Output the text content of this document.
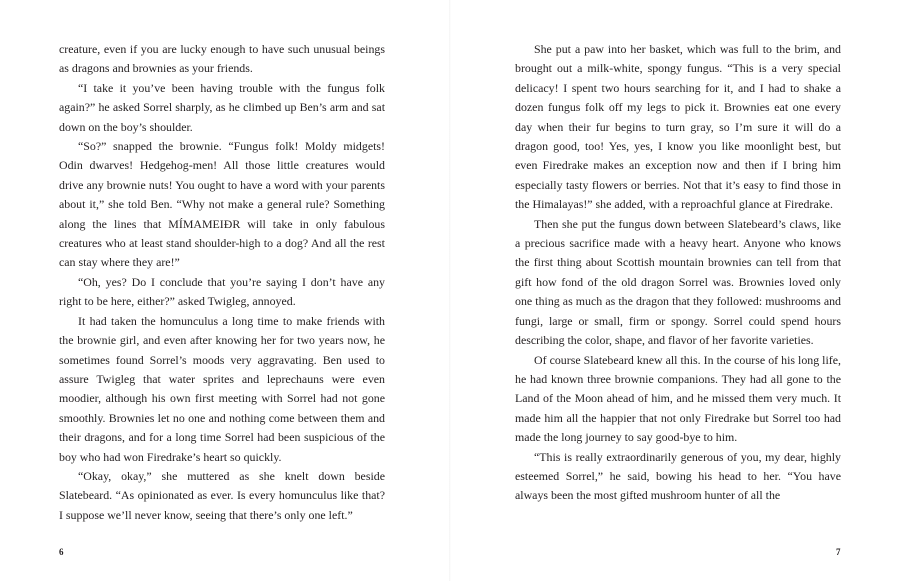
creature, even if you are lucky enough to have such unusual beings as dragons and brownies as your friends.

“I take it you’ve been having trouble with the fungus folk again?” he asked Sorrel sharply, as he climbed up Ben’s arm and sat down on the boy’s shoulder.

“So?” snapped the brownie. “Fungus folk! Moldy midgets! Odin dwarves! Hedgehog-men! All those little creatures would drive any brownie nuts! You ought to have a word with your parents about it,” she told Ben. “Why not make a general rule? Something along the lines that MÍMAMEIÐR will take in only fabulous creatures who at least stand shoulder-high to a dog? And all the rest can stay where they are!”

“Oh, yes? Do I conclude that you’re saying I don’t have any right to be here, either?” asked Twigleg, annoyed.

It had taken the homunculus a long time to make friends with the brownie girl, and even after knowing her for two years now, he sometimes found Sorrel’s moods very aggravating. Ben used to assure Twigleg that water sprites and leprechauns were even moodier, although his own first meeting with Sorrel had not gone smoothly. Brownies let no one and nothing come between them and their dragons, and for a long time Sorrel had been suspicious of the boy who had won Firedrake’s heart so quickly.

“Okay, okay,” she muttered as she knelt down beside Slatebeard. “As opinionated as ever. Is every homunculus like that? I suppose we’ll never know, seeing that there’s only one left.”

6

She put a paw into her basket, which was full to the brim, and brought out a milk-white, spongy fungus. “This is a very special delicacy! I spent two hours searching for it, and I had to shake a dozen fungus folk off my legs to pick it. Brownies eat one every day when their fur begins to turn gray, so I’m sure it will do a dragon good, too! Yes, yes, I know you like moonlight best, but even Firedrake makes an exception now and then if I bring him especially tasty flowers or berries. Not that it’s easy to find those in the Himalayas!” she added, with a reproachful glance at Firedrake.

Then she put the fungus down between Slatebeard’s claws, like a precious sacrifice made with a heavy heart. Anyone who knows the first thing about Scottish mountain brownies can tell from that gift how fond of the old dragon Sorrel was. Brownies loved only one thing as much as the dragon that they followed: mushrooms and fungi, large or small, firm or spongy. Sorrel could spend hours describing the color, shape, and flavor of her favorite varieties.

Of course Slatebeard knew all this. In the course of his long life, he had known three brownie companions. They had all gone to the Land of the Moon ahead of him, and he missed them very much. It made him all the happier that not only Firedrake but Sorrel too had made the long journey to say good-bye to him.

“This is really extraordinarily generous of you, my dear, highly esteemed Sorrel,” he said, bowing his head to her. “You have always been the most gifted mushroom hunter of all the

7
